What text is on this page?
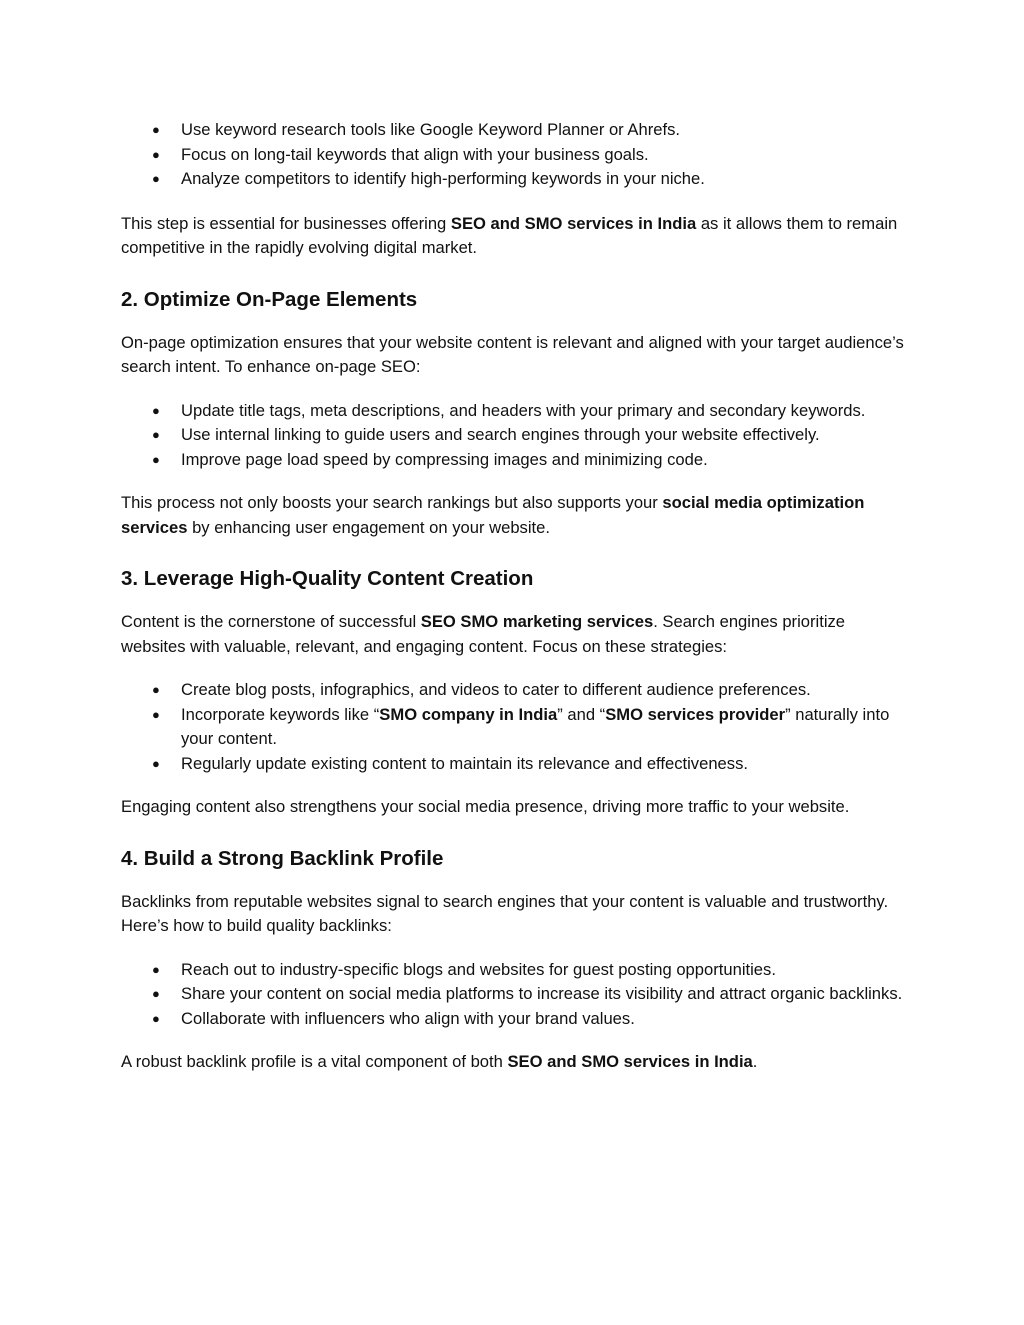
● Use keyword research tools like Google Keyword Planner or Ahrefs.
● Focus on long-tail keywords that align with your business goals.
● Analyze competitors to identify high-performing keywords in your niche.

This step is essential for businesses offering SEO and SMO services in India as it allows them to remain competitive in the rapidly evolving digital market.

2. Optimize On-Page Elements

On-page optimization ensures that your website content is relevant and aligned with your target audience’s search intent. To enhance on-page SEO:

● Update title tags, meta descriptions, and headers with your primary and secondary keywords.
● Use internal linking to guide users and search engines through your website effectively.
● Improve page load speed by compressing images and minimizing code.

This process not only boosts your search rankings but also supports your social media optimization services by enhancing user engagement on your website.

3. Leverage High-Quality Content Creation

Content is the cornerstone of successful SEO SMO marketing services. Search engines prioritize websites with valuable, relevant, and engaging content. Focus on these strategies:

● Create blog posts, infographics, and videos to cater to different audience preferences.
● Incorporate keywords like “SMO company in India” and “SMO services provider” naturally into your content.
● Regularly update existing content to maintain its relevance and effectiveness.

Engaging content also strengthens your social media presence, driving more traffic to your website.

4. Build a Strong Backlink Profile

Backlinks from reputable websites signal to search engines that your content is valuable and trustworthy. Here’s how to build quality backlinks:

● Reach out to industry-specific blogs and websites for guest posting opportunities.
● Share your content on social media platforms to increase its visibility and attract organic backlinks.
● Collaborate with influencers who align with your brand values.

A robust backlink profile is a vital component of both SEO and SMO services in India.
